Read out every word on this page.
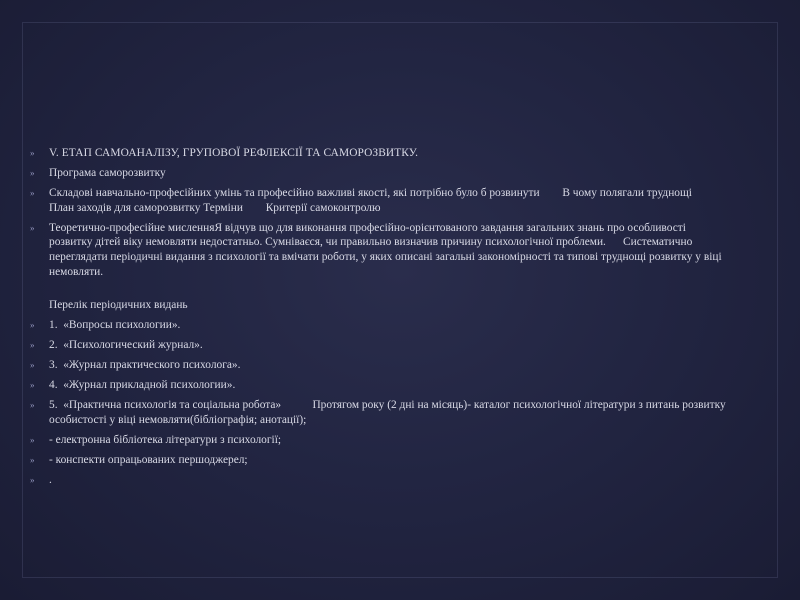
» V. ЕТАП САМОАНАЛІЗУ, ГРУПОВОЇ РЕФЛЕКСІЇ ТА САМОРОЗВИТКУ.
» Програма саморозвитку
» Складові навчально-професійних умінь та професійно важливі якості, які потрібно було б розвинути        В чому полягали труднощі      План заходів для саморозвитку Терміни        Критерії самоконтролю
» Теоретично-професійне мисленняЯ відчув що для виконання професійно-орієнтованого завдання загальних знань про особливості розвитку дітей віку немовляти недостатньо. Сумніваєся, чи правильно визначив причину психологічної проблеми.      Систематично переглядати періодичні видання з психології та вмічати роботи, у яких описані загальні закономірності та типові труднощі розвитку у віці немовляти.
Перелік періодичних видань
» 1.  «Вопросы психологии».
» 2.  «Психологический журнал».
» 3.  «Журнал практического психолога».
» 4.  «Журнал прикладной психологии».
» 5.  «Практична психологія та соціальна робота»           Протягом року (2 дні на місяць)- каталог психологічної літератури з питань розвитку особистості у віці немовляти(бібліографія; анотації);
» - електронна бібліотека літератури з психології;
» - конспекти опрацьованих першоджерел;
» .
